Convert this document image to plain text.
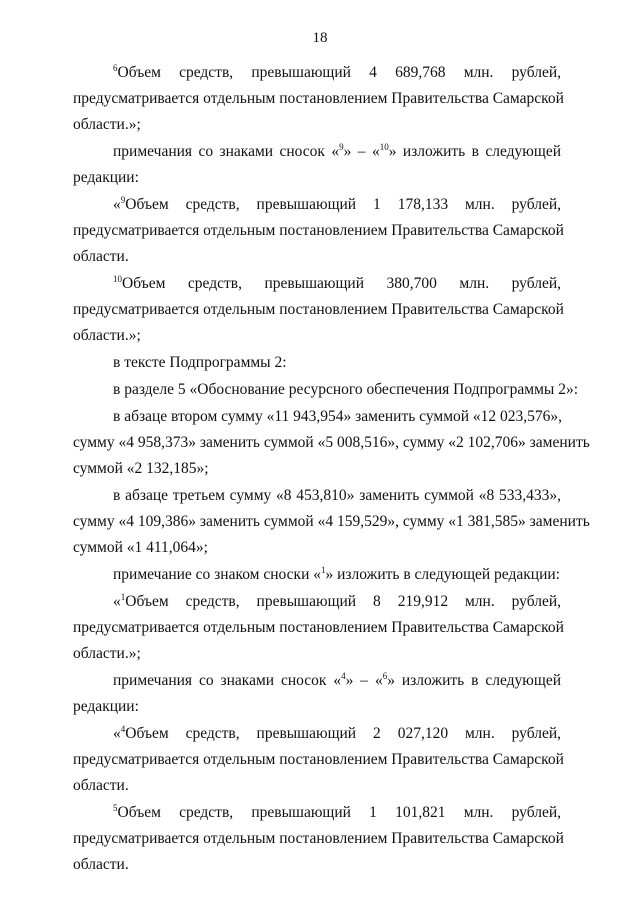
18
$^6$Объем средств, превышающий 4 689,768 млн. рублей,
предусматривается отдельным постановлением Правительства Самарской
области.»;
примечания со знаками сносок «$^9$» – «$^{10}$» изложить в следующей
редакции:
«$^9$Объем средств, превышающий 1 178,133 млн. рублей,
предусматривается отдельным постановлением Правительства Самарской
области.
$^{10}$Объем средств, превышающий 380,700 млн. рублей,
предусматривается отдельным постановлением Правительства Самарской
области.»;
в тексте Подпрограммы 2:
в разделе 5 «Обоснование ресурсного обеспечения Подпрограммы 2»:
в абзаце втором сумму «11 943,954» заменить суммой «12 023,576»,
сумму «4 958,373» заменить суммой «5 008,516», сумму «2 102,706» заменить
суммой «2 132,185»;
в абзаце третьем сумму «8 453,810» заменить суммой «8 533,433»,
сумму «4 109,386» заменить суммой «4 159,529», сумму «1 381,585» заменить
суммой «1 411,064»;
примечание со знаком сноски «$^1$» изложить в следующей редакции:
«$^1$Объем средств, превышающий 8 219,912 млн. рублей,
предусматривается отдельным постановлением Правительства Самарской
области.»;
примечания со знаками сносок «$^4$» – «$^6$» изложить в следующей
редакции:
«$^4$Объем средств, превышающий 2 027,120 млн. рублей,
предусматривается отдельным постановлением Правительства Самарской
области.
$^5$Объем средств, превышающий 1 101,821 млн. рублей,
предусматривается отдельным постановлением Правительства Самарской
области.
